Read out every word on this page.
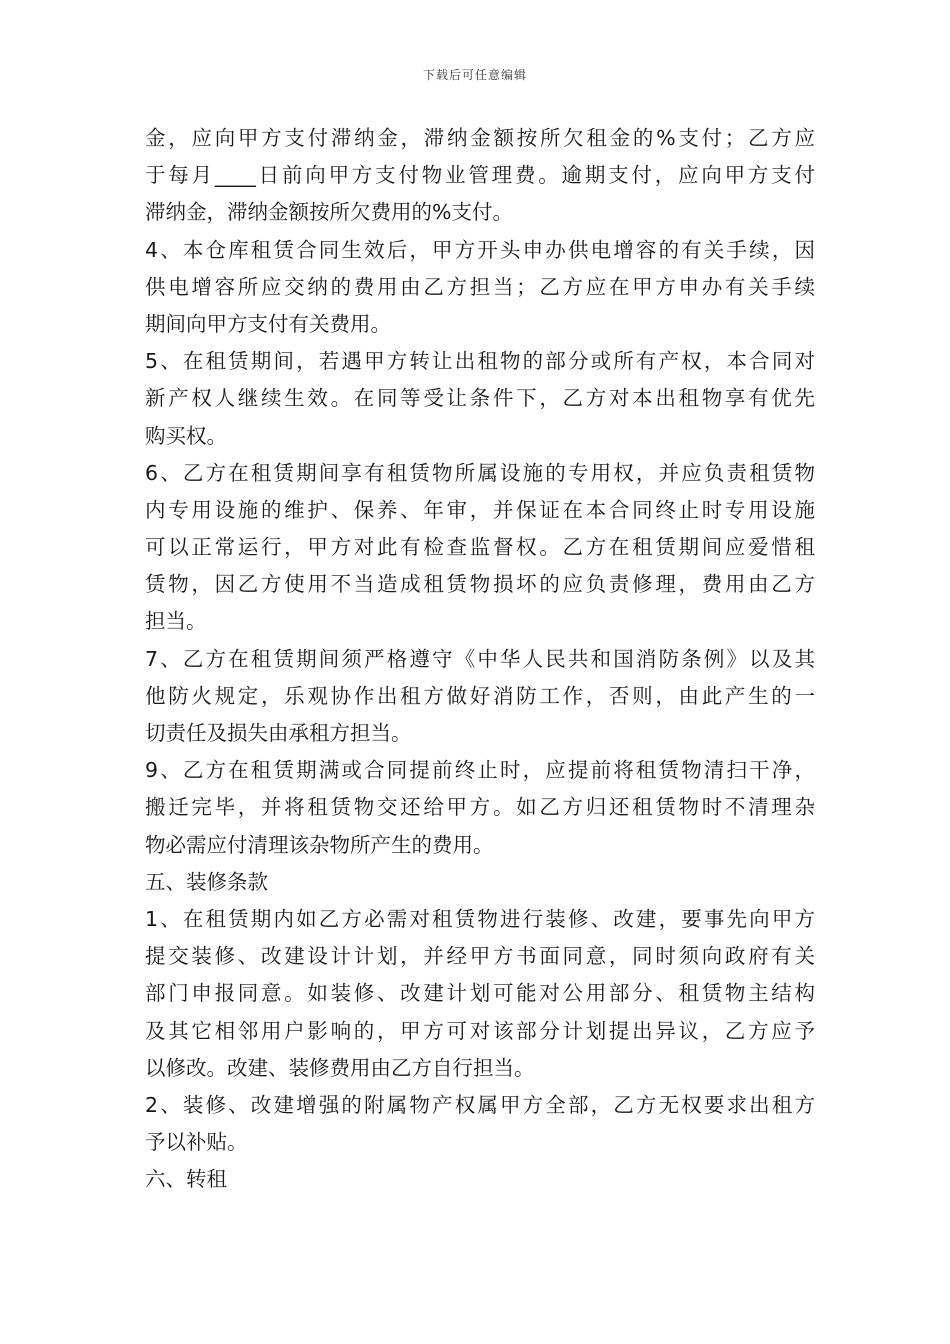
下载后可任意编辑
金，应向甲方支付滞纳金，滞纳金额按所欠租金的%支付；乙方应
于每月____日前向甲方支付物业管理费。逾期支付，应向甲方支付
滞纳金，滞纳金额按所欠费用的%支付。
4、本仓库租赁合同生效后，甲方开头申办供电增容的有关手续，因
供电增容所应交纳的费用由乙方担当；乙方应在甲方申办有关手续
期间向甲方支付有关费用。
5、在租赁期间，若遇甲方转让出租物的部分或所有产权，本合同对
新产权人继续生效。在同等受让条件下，乙方对本出租物享有优先
购买权。
6、乙方在租赁期间享有租赁物所属设施的专用权，并应负责租赁物
内专用设施的维护、保养、年审，并保证在本合同终止时专用设施
可以正常运行，甲方对此有检查监督权。乙方在租赁期间应爱惜租
赁物，因乙方使用不当造成租赁物损坏的应负责修理，费用由乙方
担当。
7、乙方在租赁期间须严格遵守《中华人民共和国消防条例》以及其
他防火规定，乐观协作出租方做好消防工作，否则，由此产生的一
切责任及损失由承租方担当。
9、乙方在租赁期满或合同提前终止时，应提前将租赁物清扫干净，
搬迁完毕，并将租赁物交还给甲方。如乙方归还租赁物时不清理杂
物必需应付清理该杂物所产生的费用。
五、装修条款
1、在租赁期内如乙方必需对租赁物进行装修、改建，要事先向甲方
提交装修、改建设计计划，并经甲方书面同意，同时须向政府有关
部门申报同意。如装修、改建计划可能对公用部分、租赁物主结构
及其它相邻用户影响的，甲方可对该部分计划提出异议，乙方应予
以修改。改建、装修费用由乙方自行担当。
2、装修、改建增强的附属物产权属甲方全部，乙方无权要求出租方
予以补贴。
六、转租
